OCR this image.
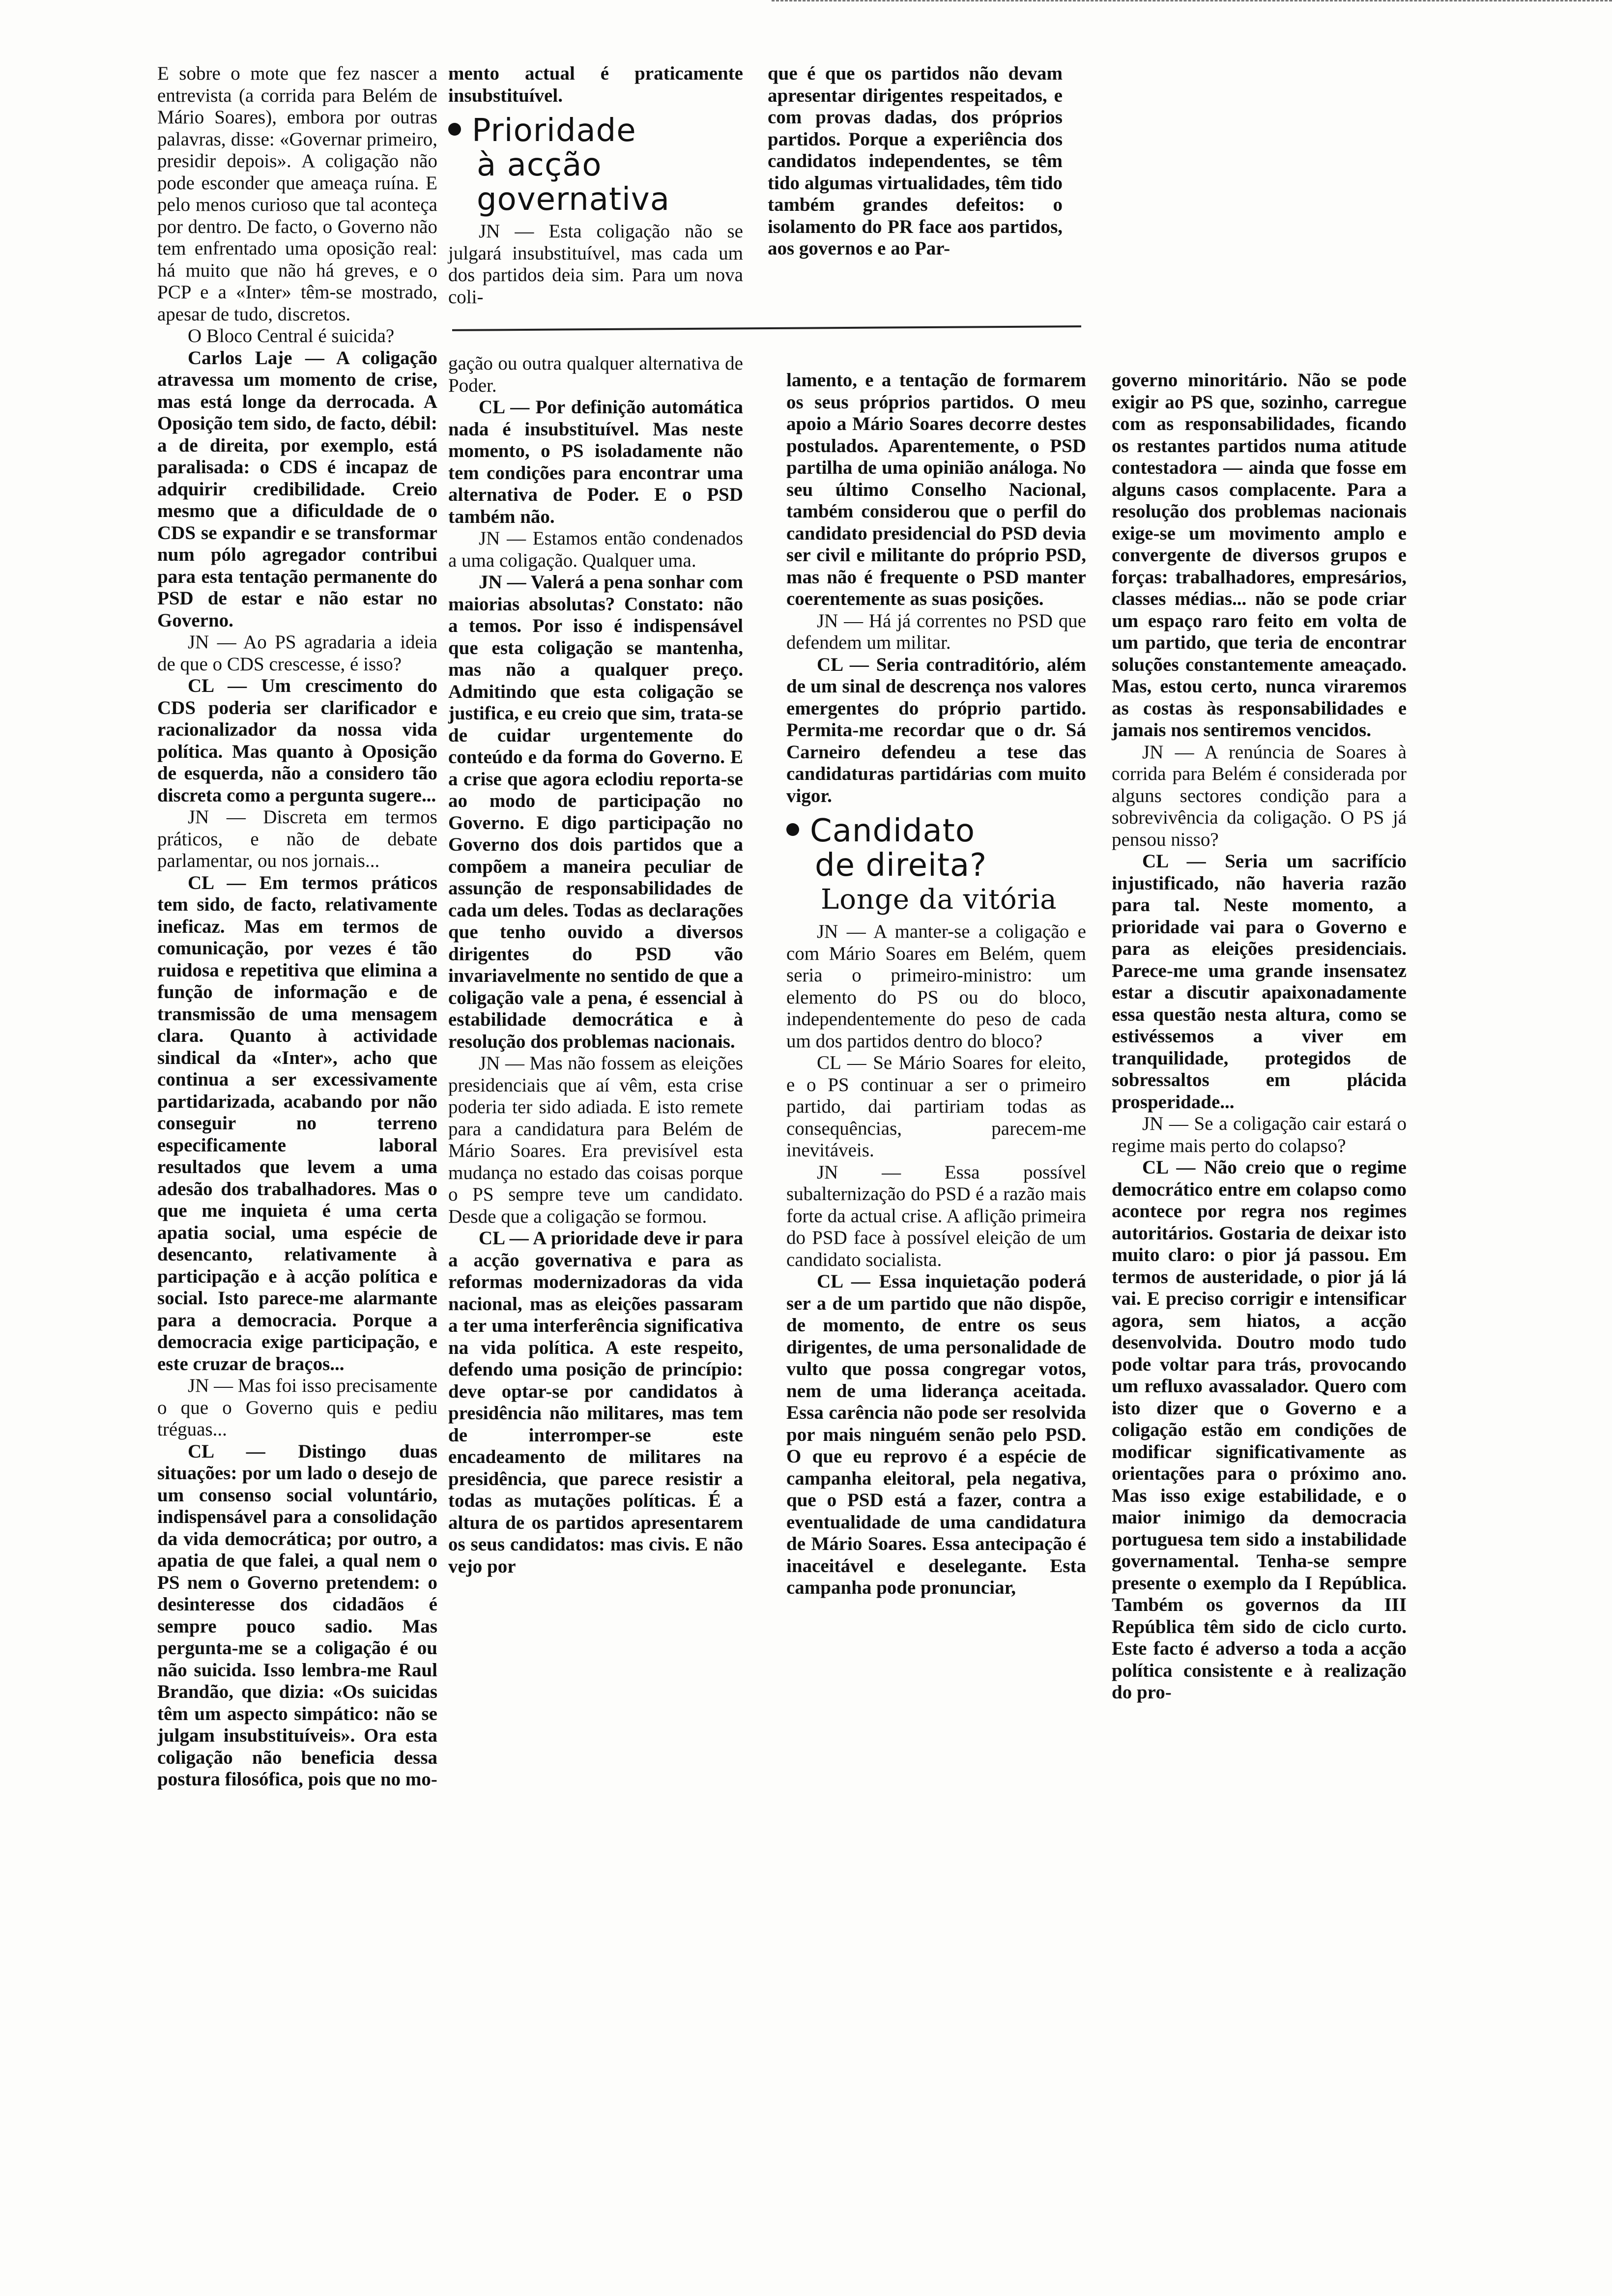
E sobre o mote que fez nascer a entrevista (a corrida para Belém de Mário Soares), embora por outras palavras, disse: «Governar primeiro, presidir depois». A coligação não pode esconder que ameaça ruína. E pelo menos curioso que tal aconteça por dentro. De facto, o Governo não tem enfrentado uma oposição real: há muito que não há greves, e o PCP e a «Inter» têm-se mostrado, apesar de tudo, discretos.

O Bloco Central é suicida?

Carlos Laje — A coligação atravessa um momento de crise, mas está longe da derrocada. A Oposição tem sido, de facto, débil: a de direita, por exemplo, está paralisada: o CDS é incapaz de adquirir credibilidade. Creio mesmo que a dificuldade de o CDS se expandir e se transformar num pólo agregador contribui para esta tentação permanente do PSD de estar e não estar no Governo.

JN — Ao PS agradaria a ideia de que o CDS crescesse, é isso?

CL — Um crescimento do CDS poderia ser clarificador e racionalizador da nossa vida política. Mas quanto à Oposição de esquerda, não a considero tão discreta como a pergunta sugere...

JN — Discreta em termos práticos, e não de debate parlamentar, ou nos jornais...

CL — Em termos práticos tem sido, de facto, relativamente ineficaz. Mas em termos de comunicação, por vezes é tão ruidosa e repetitiva que elimina a função de informação e de transmissão de uma mensagem clara. Quanto à actividade sindical da «Inter», acho que continua a ser excessivamente partidarizada, acabando por não conseguir no terreno especificamente laboral resultados que levem a uma adesão dos trabalhadores. Mas o que me inquieta é uma certa apatia social, uma espécie de desencanto, relativamente à participação e à acção política e social. Isto parece-me alarmante para a democracia. Porque a democracia exige participação, e este cruzar de braços...

JN — Mas foi isso precisamente o que o Governo quis e pediu tréguas...

CL — Distingo duas situações: por um lado o desejo de um consenso social voluntário, indispensável para a consolidação da vida democrática; por outro, a apatia de que falei, a qual nem o PS nem o Governo pretendem: o desinteresse dos cidadãos é sempre pouco sadio. Mas pergunta-me se a coligação é ou não suicida. Isso lembra-me Raul Brandão, que dizia: «Os suicidas têm um aspecto simpático: não se julgam insubstituíveis». Ora esta coligação não beneficia dessa postura filosófica, pois que no mo-

mento actual é praticamente insubstituível.

Prioridade
à acção
governativa

JN — Esta coligação não se julgará insubstituível, mas cada um dos partidos deia sim. Para um nova coli-

que é que os partidos não devam apresentar dirigentes respeitados, e com provas dadas, dos próprios partidos. Porque a experiência dos candidatos independentes, se têm tido algumas virtualidades, têm tido também grandes defeitos: o isolamento do PR face aos partidos, aos governos e ao Par-

gação ou outra qualquer alternativa de Poder.

CL — Por definição automática nada é insubstituível. Mas neste momento, o PS isoladamente não tem condições para encontrar uma alternativa de Poder. E o PSD também não.

JN — Estamos então condenados a uma coligação. Qualquer uma.

JN — Valerá a pena sonhar com maiorias absolutas? Constato: não a temos. Por isso é indispensável que esta coligação se mantenha, mas não a qualquer preço. Admitindo que esta coligação se justifica, e eu creio que sim, trata-se de cuidar urgentemente do conteúdo e da forma do Governo. E a crise que agora eclodiu reporta-se ao modo de participação no Governo. E digo participação no Governo dos dois partidos que a compõem a maneira peculiar de assunção de responsabilidades de cada um deles. Todas as declarações que tenho ouvido a diversos dirigentes do PSD vão invariavelmente no sentido de que a coligação vale a pena, é essencial à estabilidade democrática e à resolução dos problemas nacionais.

JN — Mas não fossem as eleições presidenciais que aí vêm, esta crise poderia ter sido adiada. E isto remete para a candidatura para Belém de Mário Soares. Era previsível esta mudança no estado das coisas porque o PS sempre teve um candidato. Desde que a coligação se formou.

CL — A prioridade deve ir para a acção governativa e para as reformas modernizadoras da vida nacional, mas as eleições passaram a ter uma interferência significativa na vida política. A este respeito, defendo uma posição de princípio: deve optar-se por candidatos à presidência não militares, mas tem de interromper-se este encadeamento de militares na presidência, que parece resistir a todas as mutações políticas. É a altura de os partidos apresentarem os seus candidatos: mas civis. E não vejo por

lamento, e a tentação de formarem os seus próprios partidos. O meu apoio a Mário Soares decorre destes postulados. Aparentemente, o PSD partilha de uma opinião análoga. No seu último Conselho Nacional, também considerou que o perfil do candidato presidencial do PSD devia ser civil e militante do próprio PSD, mas não é frequente o PSD manter coerentemente as suas posições.

JN — Há já correntes no PSD que defendem um militar.

CL — Seria contraditório, além de um sinal de descrença nos valores emergentes do próprio partido. Permita-me recordar que o dr. Sá Carneiro defendeu a tese das candidaturas partidárias com muito vigor.

Candidato
de direita?
Longe da vitória

JN — A manter-se a coligação e com Mário Soares em Belém, quem seria o primeiro-ministro: um elemento do PS ou do bloco, independentemente do peso de cada um dos partidos dentro do bloco?

CL — Se Mário Soares for eleito, e o PS continuar a ser o primeiro partido, dai partiriam todas as consequências, parecem-me inevitáveis.

JN — Essa possível subalternização do PSD é a razão mais forte da actual crise. A aflição primeira do PSD face à possível eleição de um candidato socialista.

CL — Essa inquietação poderá ser a de um partido que não dispõe, de momento, de entre os seus dirigentes, de uma personalidade de vulto que possa congregar votos, nem de uma liderança aceitada. Essa carência não pode ser resolvida por mais ninguém senão pelo PSD. O que eu reprovo é a espécie de campanha eleitoral, pela negativa, que o PSD está a fazer, contra a eventualidade de uma candidatura de Mário Soares. Essa antecipação é inaceitável e deselegante. Esta campanha pode pronunciar,

governo minoritário. Não se pode exigir ao PS que, sozinho, carregue com as responsabilidades, ficando os restantes partidos numa atitude contestadora — ainda que fosse em alguns casos complacente. Para a resolução dos problemas nacionais exige-se um movimento amplo e convergente de diversos grupos e forças: trabalhadores, empresários, classes médias... não se pode criar um espaço raro feito em volta de um partido, que teria de encontrar soluções constantemente ameaçado. Mas, estou certo, nunca viraremos as costas às responsabilidades e jamais nos sentiremos vencidos.

JN — A renúncia de Soares à corrida para Belém é considerada por alguns sectores condição para a sobrevivência da coligação. O PS já pensou nisso?

CL — Seria um sacrifício injustificado, não haveria razão para tal. Neste momento, a prioridade vai para o Governo e para as eleições presidenciais. Parece-me uma grande insensatez estar a discutir apaixonadamente essa questão nesta altura, como se estivéssemos a viver em tranquilidade, protegidos de sobressaltos em plácida prosperidade...

JN — Se a coligação cair estará o regime mais perto do colapso?

CL — Não creio que o regime democrático entre em colapso como acontece por regra nos regimes autoritários. Gostaria de deixar isto muito claro: o pior já passou. Em termos de austeridade, o pior já lá vai. E preciso corrigir e intensificar agora, sem hiatos, a acção desenvolvida. Doutro modo tudo pode voltar para trás, provocando um refluxo avassalador. Quero com isto dizer que o Governo e a coligação estão em condições de modificar significativamente as orientações para o próximo ano. Mas isso exige estabilidade, e o maior inimigo da democracia portuguesa tem sido a instabilidade governamental. Tenha-se sempre presente o exemplo da I República. Também os governos da III República têm sido de ciclo curto. Este facto é adverso a toda a acção política consistente e à realização do pro-
